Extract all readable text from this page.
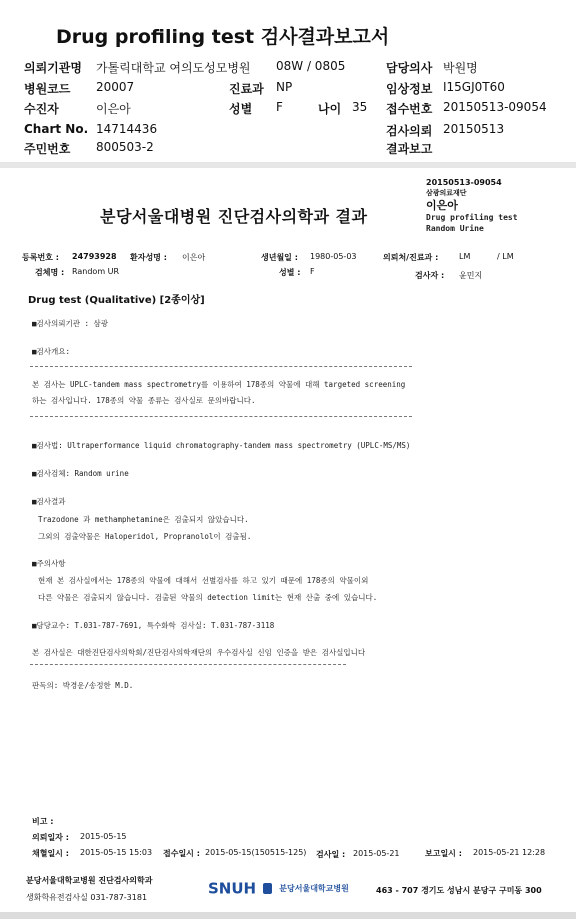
Drug profiling test 검사결과보고서
의뢰기관명 가톨릭대학교 여의도성모병원 08W / 0805	담당의사 박원명
병원코드 20007	진료과 NP	임상정보 I15GJ0T60
수진자	이은아	성별 F	나이 35 접수번호 20150513-09054
Chart No. 14714436	검사의뢰 20150513
주민번호 800503-2	결과보고
20150513-09054
삼광의료재단
이은아
Drug profiling test
Random Urine
분당서울대병원 진단검사의학과 결과
등록번호 : 24793928 환자성명 : 이은아	생년월일 : 1980-05-03	의뢰처/진료과 :	LM	/ LM
검체명 : Random UR	성별 : F	검사자 : 윤민지
Drug test (Qualitative) [2종이상]
■검사의뢰기관 : 삼광
■검사개요:
본 검사는 UPLC-tandem mass spectrometry를 이용하여 178종의 약물에 대해 targeted screening
하는 검사입니다. 178종의 약물 종류는 검사실로 문의바랍니다.
■검사법: Ultraperformance liquid chromatography-tandem mass spectrometry (UPLC-MS/MS)
■검사검체: Random urine
■검사결과
Trazodone 과 methamphetamine은 검출되지 않았습니다.
그외의 검출약물은 Haloperidol, Propranolol이 검출됨.
■주의사항
현재 본 검사실에서는 178종의 약물에 대해서 선별검사를 하고 있기 때문에 178종의 약물이외
다른 약물은 검출되지 않습니다. 검출된 약물의 detection limit는 현재 산출 중에 있습니다.
■담당교수: T.031-787-7691, 특수화학 검사실: T.031-787-3118
본 검사실은 대한진단검사의학회/진단검사의학재단의 우수검사실 신임 인증을 받은 검사실입니다
판독의: 박경운/송정한 M.D.
비고 :
의뢰일자 : 2015-05-15
채혈일시 : 2015-05-15 15:03 접수일시 : 2015-05-15(150515-125) 검사일 : 2015-05-21	보고일시 : 2015-05-21 12:28
분당서울대학교병원 진단검사의학과
생화학유전검사실 031-787-3181	SNUH	분당서울대학교병원	463 - 707 경기도 성남시 분당구 구미동 300
